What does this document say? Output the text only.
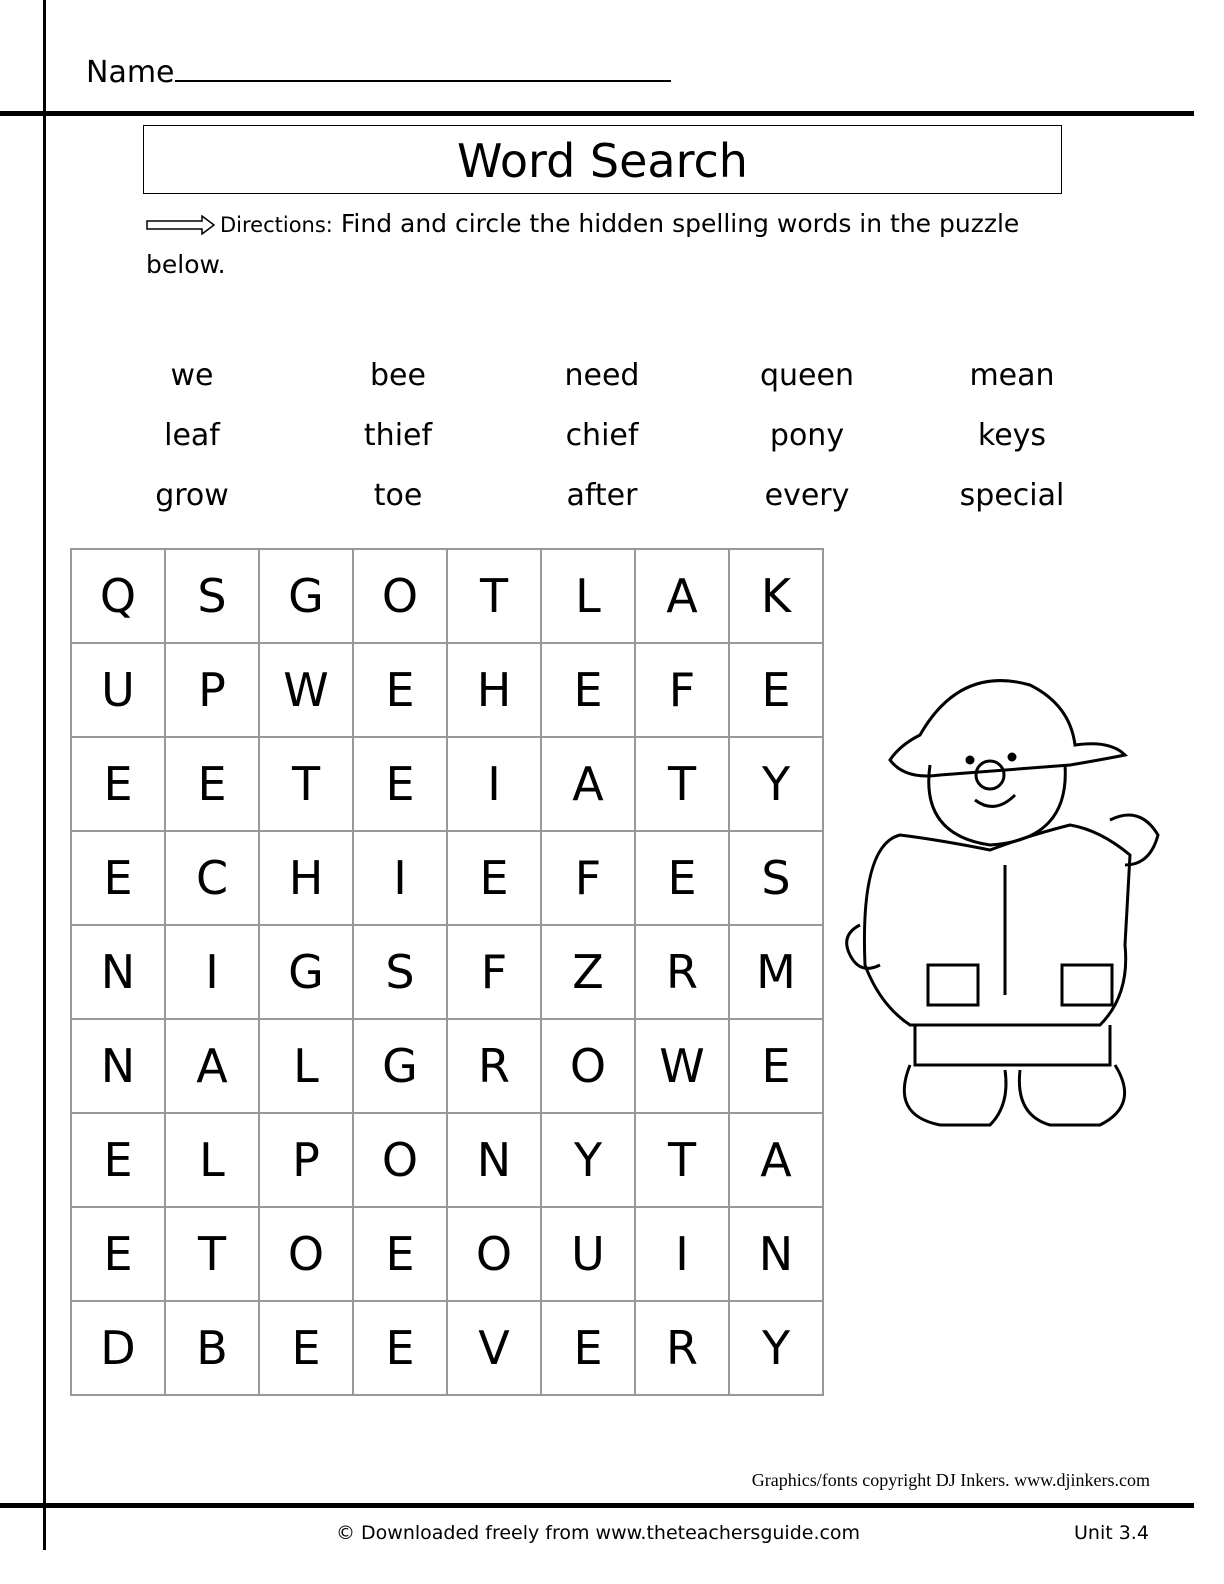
Name
Word Search
Directions: Find and circle the hidden spelling words in the puzzle below.
we	bee	need	queen	mean
leaf	thief	chief	pony	keys
grow	toe	after	every	special
Q	S	G	O	T	L	A	K
U	P	W	E	H	E	F	E
E	E	T	E	I	A	T	Y
E	C	H	I	E	F	E	S
N	I	G	S	F	Z	R	M
N	A	L	G	R	O	W	E
E	L	P	O	N	Y	T	A
E	T	O	E	O	U	I	N
D	B	E	E	V	E	R	Y
Graphics/fonts copyright DJ Inkers. www.djinkers.com
© Downloaded freely from www.theteachersguide.com	Unit 3.4
